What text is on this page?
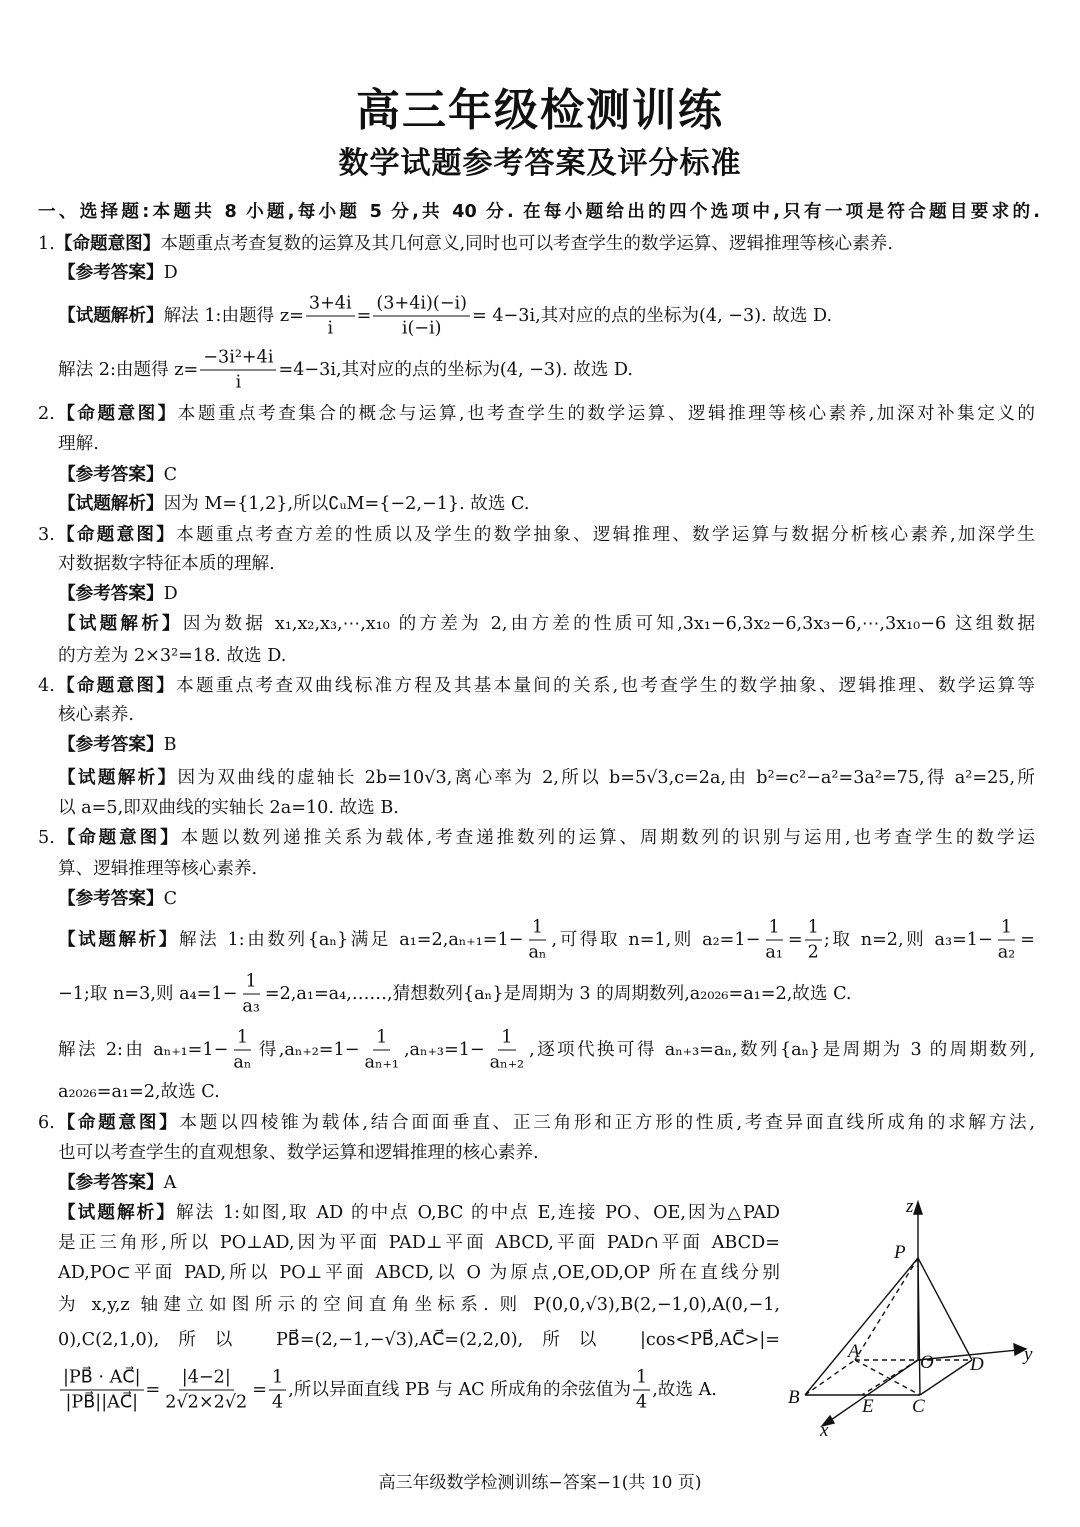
高三年级检测训练
数学试题参考答案及评分标准
一、选择题:本题共 8 小题,每小题 5 分,共 40 分. 在每小题给出的四个选项中,只有一项是符合题目要求的.
1.【命题意图】本题重点考查复数的运算及其几何意义,同时也可以考查学生的数学运算、逻辑推理等核心素养.
【参考答案】D
【试题解析】解法 1:由题得 $z= \frac{3+4i}{i} = \frac{(3+4i)(-i)}{i(-i)} = 4-3i$,其对应的点的坐标为(4, −3). 故选 D.
解法 2:由题得 $z= \frac{\text{−3i²+4i}}{i} =4-3i$,其对应的点的坐标为(4, −3). 故选 D.
2.【命题意图】本题重点考查集合的概念与运算,也考查学生的数学运算、逻辑推理等核心素养,加深对补集定义的
理解.
【参考答案】C
【试题解析】因为 M={1,2},所以∁ᵤM={−2,−1}. 故选 C.
3.【命题意图】本题重点考查方差的性质以及学生的数学抽象、逻辑推理、数学运算与数据分析核心素养,加深学生
对数据数字特征本质的理解.
【参考答案】D
【试题解析】因为数据 x₁,x₂,x₃,⋯,x₁₀ 的方差为 2,由方差的性质可知,3x₁−6,3x₂−6,3x₃−6,⋯,3x₁₀−6 这组数据
的方差为 2×3²=18. 故选 D.
4.【命题意图】本题重点考查双曲线标准方程及其基本量间的关系,也考查学生的数学抽象、逻辑推理、数学运算等
核心素养.
【参考答案】B
【试题解析】因为双曲线的虚轴长 2b=10√3,离心率为 2,所以 b=5√3,c=2a,由 b²=c²−a²=3a²=75,得 a²=25,所
以 a=5,即双曲线的实轴长 2a=10. 故选 B.
5.【命题意图】本题以数列递推关系为载体,考查递推数列的运算、周期数列的识别与运用,也考查学生的数学运
算、逻辑推理等核心素养.
【参考答案】C
【试题解析】解法 1:由数列{aₙ}满足 $a_1=2,a_{n+1}=1- \frac{1}{\text{aₙ}}$ ,可得取 n=1,则 $a_2=1- \frac{1}{\text{a₁}} = \frac{1}{2}$ ;取 n=2,则 $a_3=1- \frac{1}{\text{a₂}}$ =
−1;取 n=3,则 $a_4=1- \frac{1}{\text{a₃}}$ =2,a₁=a₄,……,猜想数列{aₙ}是周期为 3 的周期数列,a₂₀₂₆=a₁=2,故选 C.
解法 2:由 $a_{n+1}=1- \frac{1}{\text{aₙ}}$ 得$,a_{n+2}=1- \frac{1}{\text{aₙ₊₁}} ,a_{n+3}=1- \frac{1}{\text{aₙ₊₂}}$ ,逐项代换可得 aₙ₊₃=aₙ,数列{aₙ}是周期为 3 的周期数列,
a₂₀₂₆=a₁=2,故选 C.
6.【命题意图】本题以四棱锥为载体,结合面面垂直、正三角形和正方形的性质,考查异面直线所成角的求解方法,
也可以考查学生的直观想象、数学运算和逻辑推理的核心素养.
【参考答案】A
【试题解析】解法 1:如图,取 AD 的中点 O,BC 的中点 E,连接 PO、OE,因为△PAD
是正三角形,所以 PO⊥AD,因为平面 PAD⊥平面 ABCD,平面 PAD∩平面 ABCD=
AD,PO⊂平面 PAD,所以 PO⊥平面 ABCD,以 O 为原点,OE,OD,OP 所在直线分别
为 x,y,z 轴建立如图所示的空间直角坐标系. 则 P(0,0,√3),B(2,−1,0),A(0,−1,
0),C(2,1,0),所以 PB⃗=(2,−1,−√3),AC⃗=(2,2,0),所以 |cos<PB⃗,AC⃗>|=
$\frac{|PB⃗ \cdot AC⃗|}{|PB⃗||AC⃗|} = \frac{|4-2|}{2√2\times 2√2} = \frac{1}{4}$ ,所以异面直线 PB 与 AC 所成角的余弦值为 $\frac{1}{4}$ ,故选 A.
z
P
y
A
O D
B	E C
x
高三年级数学检测训练−答案−1(共 10 页)
